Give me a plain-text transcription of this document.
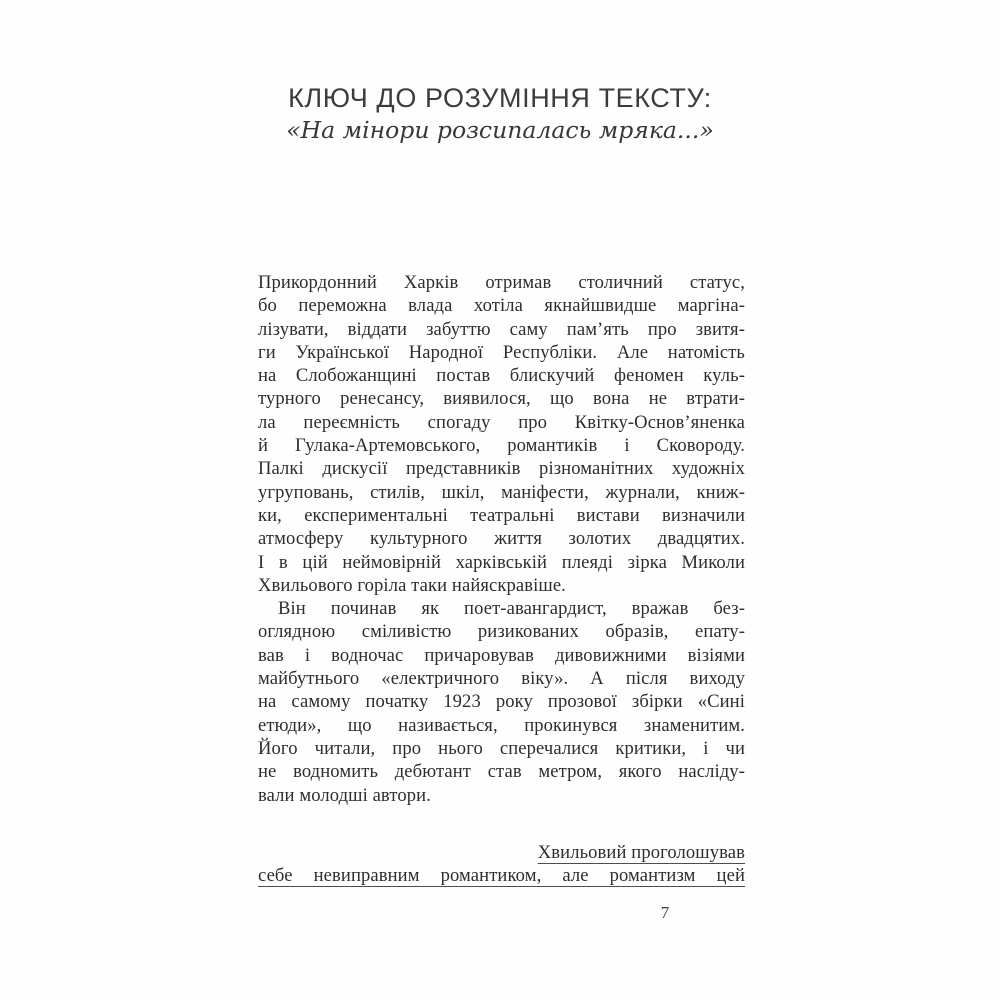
КЛЮЧ ДО РОЗУМІННЯ ТЕКСТУ:
«На мінори розсипалась мряка...»
Прикордонний Харків отримав столичний статус,
бо переможна влада хотіла якнайшвидше маргіна-
лізувати, віддати забуттю саму пам’ять про звитя-
ги Української Народної Республіки. Але натомість
на Слобожанщині постав блискучий феномен куль-
турного ренесансу, виявилося, що вона не втрати-
ла переємність спогаду про Квітку-Основ’яненка
й Гулака-Артемовського, романтиків і Сковороду.
Палкі дискусії представників різноманітних художніх
угруповань, стилів, шкіл, маніфести, журнали, книж-
ки, експериментальні театральні вистави визначили
атмосферу культурного життя золотих двадцятих.
І в цій неймовірній харківській плеяді зірка Миколи
Хвильового горіла таки найяскравіше.
Він починав як поет-авангардист, вражав без-
оглядною сміливістю ризикованих образів, епату-
вав і водночас причаровував дивовижними візіями
майбутнього «електричного віку». А після виходу
на самому початку 1923 року прозової збірки «Сині
етюди», що називається, прокинувся знаменитим.
Його читали, про нього сперечалися критики, і чи
не водномить дебютант став метром, якого насліду-
вали молодші автори.
Хвильовий проголошував
себе невиправним романтиком, але романтизм цей
7
